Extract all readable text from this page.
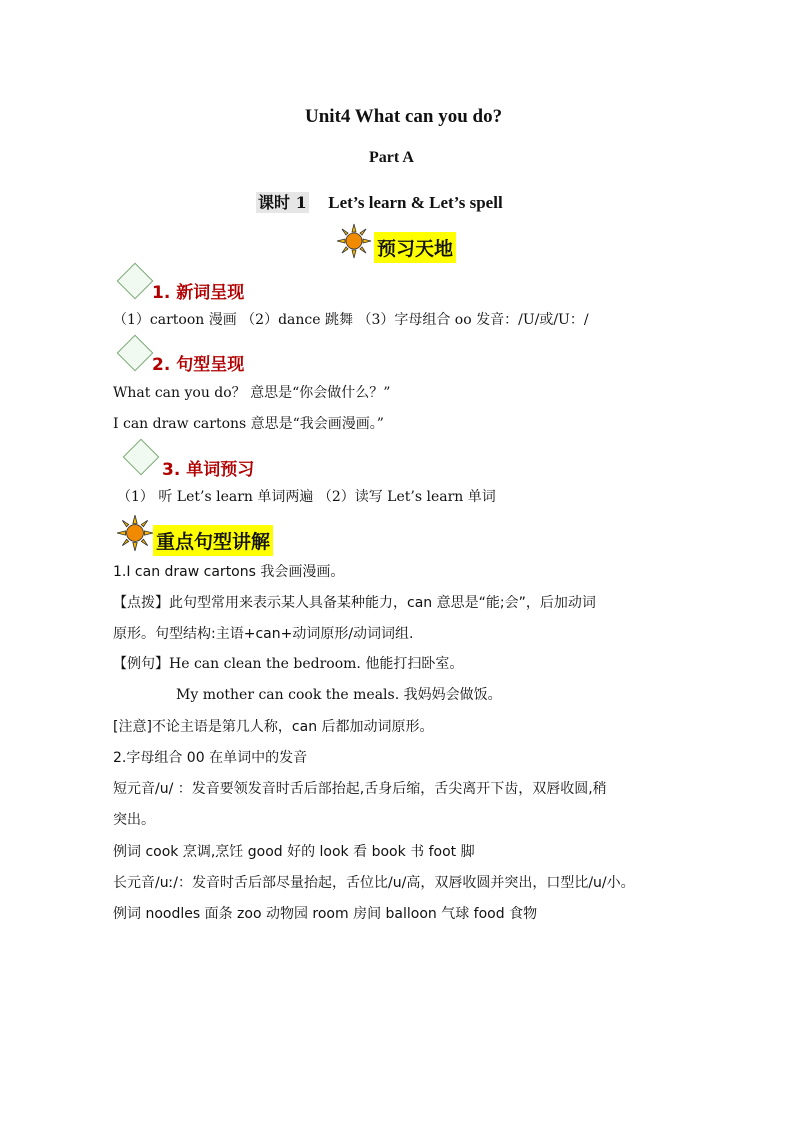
Unit4 What can you do?
Part A
课时 1 Let’s learn & Let’s spell
预习天地
1. 新词呈现
（1）cartoon 漫画 （2）dance 跳舞 （3）字母组合 oo 发音：/U/或/U：/
2. 句型呈现
What can you do？ 意思是“你会做什么？”
I can draw cartons 意思是“我会画漫画。”
3. 单词预习
（1） 听 Let’s learn 单词两遍 （2）读写 Let’s learn 单词
重点句型讲解
1.I can draw cartons 我会画漫画。
【点拨】此句型常用来表示某人具备某种能力，can 意思是“能;会”，后加动词
原形。句型结构:主语+can+动词原形/动词词组.
【例句】He can clean the bedroom. 他能打扫卧室。
My mother can cook the meals. 我妈妈会做饭。
[注意]不论主语是第几人称，can 后都加动词原形。
2.字母组合 00 在单词中的发音
短元音/u/ ：发音要领发音时舌后部抬起,舌身后缩，舌尖离开下齿，双唇收圆,稍
突出。
例词 cook 烹调,烹饪 good 好的 look 看 book 书 foot 脚
长元音/uː/：发音时舌后部尽量抬起，舌位比/u/高，双唇收圆并突出，口型比/u/小。
例词 noodles 面条 zoo 动物园 room 房间 balloon 气球 food 食物
